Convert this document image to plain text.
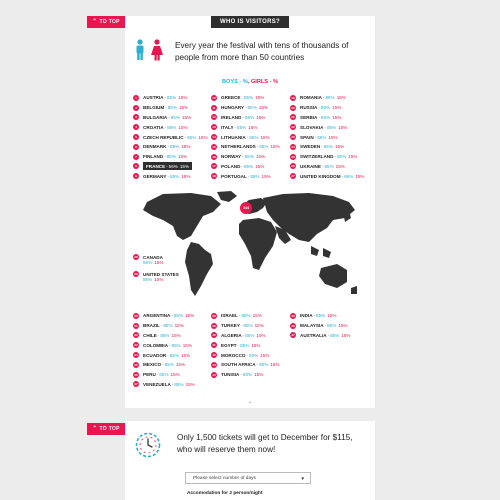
⌃ TO TOP	WHO IS VISITORS?
Every year the festival with tens of thousands of people from more than 50 countries
BOYS - %, GIRLS - %
1	AUSTRIA - 85% 15%
2	BELGIUM - 85% 15%
3	BULGARIA - 85% 15%
4	CROATIA - 85% 15%
5	CZECH REPUBLIC - 85% 15%
6	DENMARK - 85% 15%
7	FINLAND - 85% 15%
8	FRANCE - 56% 15%
9	GERMANY - 85% 15%
10 GREECE - 85% 15%
11 HUNGARY - 85% 15%
12 IRELAND - 85% 15%
13 ITALY - 85% 15%
14 LITHUANIA - 85% 15%
15 NETHERLANDS - 85% 15%
16 NORWAY - 85% 15%
17 POLAND - 85% 15%
18 PORTUGAL - 85% 15%
19 ROMANIA - 85% 15%
20 RUSSIA - 85% 15%
21 SERBIA - 85% 15%
22 SLOVAKIA - 85% 15%
23 SPAIN - 85% 15%
24 SWEDEN - 85% 15%
25 SWITZERLAND - 85% 15%
26 UKRAINE - 85% 15%
27 UNITED KINGDOM - 85% 15%
344
28 CANADA
85% 15%
29 UNITED STATES
85% 15%
30 ARGENTINA - 85% 15%
31 BRAZIL - 85% 15%
32 CHILE - 85% 15%
33 COLOMBIA - 85% 15%
34 ECUADOR - 85% 15%
35 MEXICO - 85% 15%
36 PERU - 85% 15%
37 VENEZUELA - 85% 15%
38 ISRAEL - 85% 15%
39 TURKEY - 85% 15%
40 ALGERIA - 85% 15%
41 EGYPT - 85% 15%
42 MOROCCO - 85% 15%
43 SOUTH AFRICA - 85% 15%
44 TUNISIA - 85% 15%
45 INDIA - 85% 15%
46 MALAYSIA - 85% 15%
47 AUSTRALIA - 85% 15%
⌃
⌃ TO TOP
Only 1,500 tickets will get to December for $115, who will reserve them now!
Please select number of days	▼
Accomodation for 2 person/night
